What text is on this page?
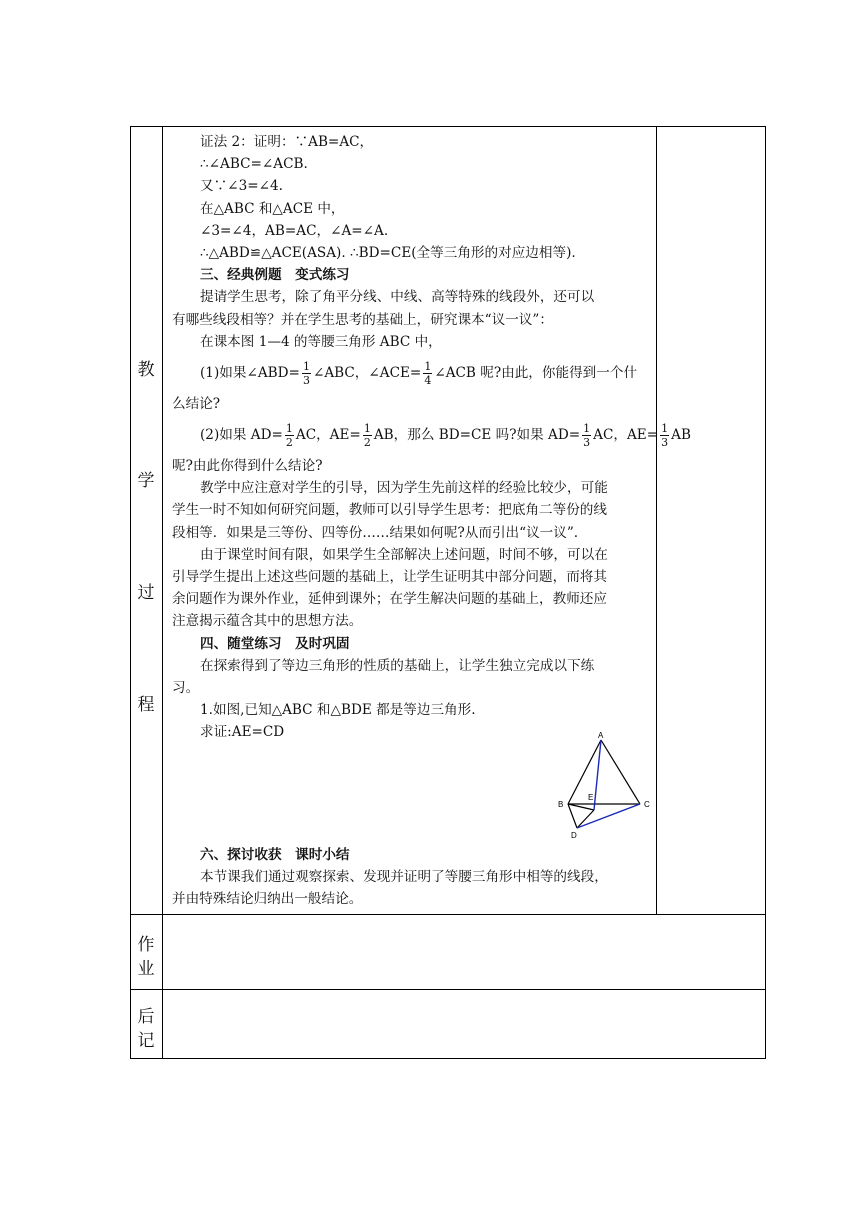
教
学
过
程
作
业
后
记
证法 2：证明：∵AB=AC，
∴∠ABC=∠ACB.
又∵∠3=∠4.
在△ABC 和△ACE 中，
∠3=∠4，AB=AC，∠A=∠A.
∴△ABD≌△ACE(ASA). ∴BD=CE(全等三角形的对应边相等).
三、经典例题　变式练习
提请学生思考，除了角平分线、中线、高等特殊的线段外，还可以
有哪些线段相等？并在学生思考的基础上，研究课本“议一议”：
在课本图 1—4 的等腰三角形 ABC 中，
(1)如果∠ABD= $\frac{1}{3}$ ∠ABC，∠ACE= $\frac{1}{4}$ ∠ACB 呢?由此，你能得到一个什
么结论?
(2)如果 $AD= \frac{1}{2}$ AC，$AE= \frac{1}{2}$ AB，那么 BD=CE 吗?如果 $AD= \frac{1}{3}$ AC，$AE= \frac{1}{3}$ AB
呢?由此你得到什么结论?
教学中应注意对学生的引导，因为学生先前这样的经验比较少，可能
学生一时不知如何研究问题，教师可以引导学生思考：把底角二等份的线
段相等．如果是三等份、四等份……结果如何呢?从而引出“议一议”.
由于课堂时间有限，如果学生全部解决上述问题，时间不够，可以在
引导学生提出上述这些问题的基础上，让学生证明其中部分问题，而将其
余问题作为课外作业，延伸到课外；在学生解决问题的基础上，教师还应
注意揭示蕴含其中的思想方法。
四、随堂练习　及时巩固
在探索得到了等边三角形的性质的基础上，让学生独立完成以下练
习。
1.如图,已知△ABC 和△BDE 都是等边三角形.
求证:AE=CD	A
B	C
D
E
六、探讨收获　课时小结
本节课我们通过观察探索、发现并证明了等腰三角形中相等的线段，
并由特殊结论归纳出一般结论。
